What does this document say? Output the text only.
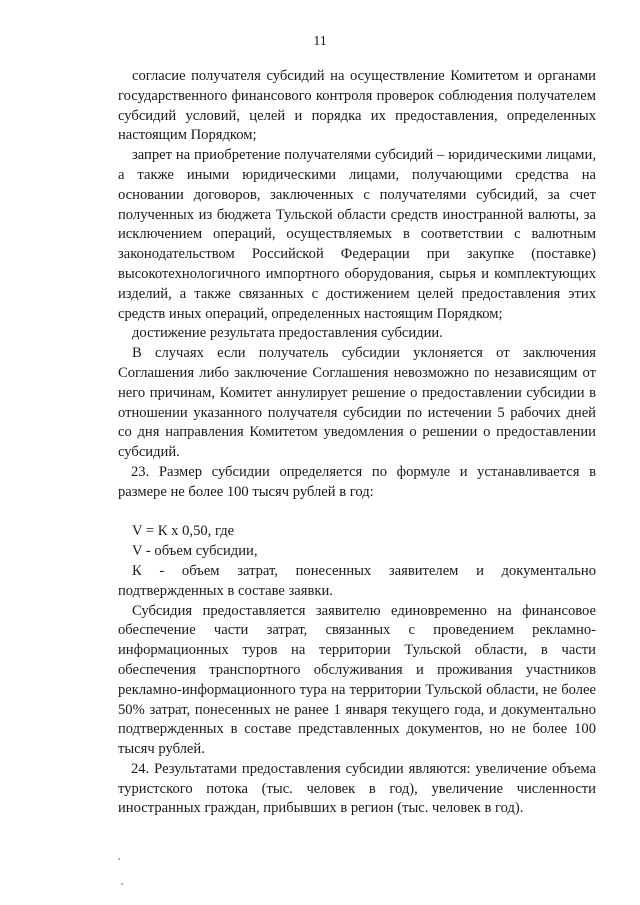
11

согласие получателя субсидий на осуществление Комитетом и органами государственного финансового контроля проверок соблюдения получателем субсидий условий, целей и порядка их предоставления, определенных настоящим Порядком;

запрет на приобретение получателями субсидий – юридическими лицами, а также иными юридическими лицами, получающими средства на основании договоров, заключенных с получателями субсидий, за счет полученных из бюджета Тульской области средств иностранной валюты, за исключением операций, осуществляемых в соответствии с валютным законодательством Российской Федерации при закупке (поставке) высокотехнологичного импортного оборудования, сырья и комплектующих изделий, а также связанных с достижением целей предоставления этих средств иных операций, определенных настоящим Порядком;

достижение результата предоставления субсидии.

В случаях если получатель субсидии уклоняется от заключения Соглашения либо заключение Соглашения невозможно по независящим от него причинам, Комитет аннулирует решение о предоставлении субсидии в отношении указанного получателя субсидии по истечении 5 рабочих дней со дня направления Комитетом уведомления о решении о предоставлении субсидий.

23. Размер субсидии определяется по формуле и устанавливается в размере не более 100 тысяч рублей в год:

V = К х 0,50, где

V - объем субсидии,

К - объем затрат, понесенных заявителем и документально подтвержденных в составе заявки.

Субсидия предоставляется заявителю единовременно на финансовое обеспечение части затрат, связанных с проведением рекламно-информационных туров на территории Тульской области, в части обеспечения транспортного обслуживания и проживания участников рекламно-информационного тура на территории Тульской области, не более 50% затрат, понесенных не ранее 1 января текущего года, и документально подтвержденных в составе представленных документов, но не более 100 тысяч рублей.

24. Результатами предоставления субсидии являются: увеличение объема туристского потока (тыс. человек в год), увеличение численности иностранных граждан, прибывших в регион (тыс. человек в год).
